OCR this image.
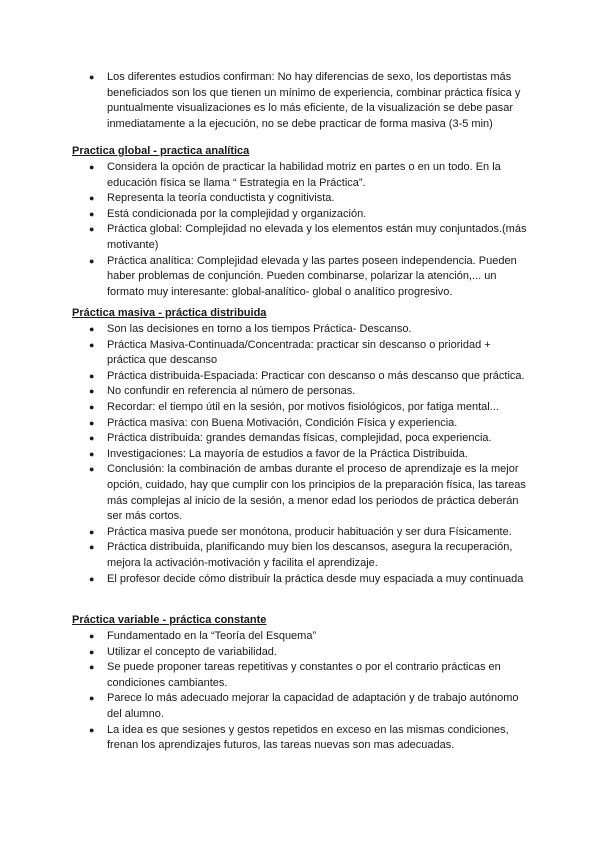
● Los diferentes estudios confirman: No hay diferencias de sexo, los deportistas más beneficiados son los que tienen un mínimo de experiencia, combinar práctica física y puntualmente visualizaciones es lo más eficiente, de la visualización se debe pasar inmediatamente a la ejecución, no se debe practicar de forma masiva (3-5 min)
Practica global - practica analítica
● Considera la opción de practicar la habilidad motriz en partes o en un todo. En la educación física se llama “ Estrategia en la Práctica”.
● Representa la teoría conductista y cognitivista.
● Está condicionada por la complejidad y organización.
● Práctica global: Complejidad no elevada y los elementos están muy conjuntados.(más motivante)
● Práctica analítica: Complejidad elevada y las partes poseen independencia. Pueden haber problemas de conjunción. Pueden combinarse, polarizar la atención,... un formato muy interesante: global-analítico- global o analítico progresivo.
Práctica masiva - práctica distribuida
● Son las decisiones en torno a los tiempos Práctica- Descanso.
● Práctica Masiva-Continuada/Concentrada: practicar sin descanso o prioridad + práctica que descanso
● Práctica distribuida-Espaciada: Practicar con descanso o más descanso que práctica.
● No confundir en referencia al número de personas.
● Recordar: el tiempo útil en la sesión, por motivos fisiológicos, por fatiga mental...
● Práctica masiva: con Buena Motivación, Condición Física y experiencia.
● Práctica distribuida: grandes demandas físicas, complejidad, poca experiencia.
● Investigaciones: La mayoría de estudios a favor de la Práctica Distribuida.
● Conclusión: la combinación de ambas durante el proceso de aprendizaje es la mejor opción, cuidado, hay que cumplir con los principios de la preparación física, las tareas más complejas al inicio de la sesión, a menor edad los periodos de práctica deberán ser más cortos.
● Práctica masiva puede ser monótona, producir habituación y ser dura Físicamente.
● Práctica distribuida, planificando muy bien los descansos, asegura la recuperación, mejora la activación-motivación y facilita el aprendizaje.
● El profesor decide cómo distribuir la práctica desde muy espaciada a muy continuada
Práctica variable - práctica constante
● Fundamentado en la “Teoría del Esquema”
● Utilizar el concepto de variabilidad.
● Se puede proponer tareas repetitivas y constantes o por el contrario prácticas en condiciones cambiantes.
● Parece lo más adecuado mejorar la capacidad de adaptación y de trabajo autónomo del alumno.
● La idea es que sesiones y gestos repetidos en exceso en las mismas condiciones, frenan los aprendizajes futuros, las tareas nuevas son mas adecuadas.
